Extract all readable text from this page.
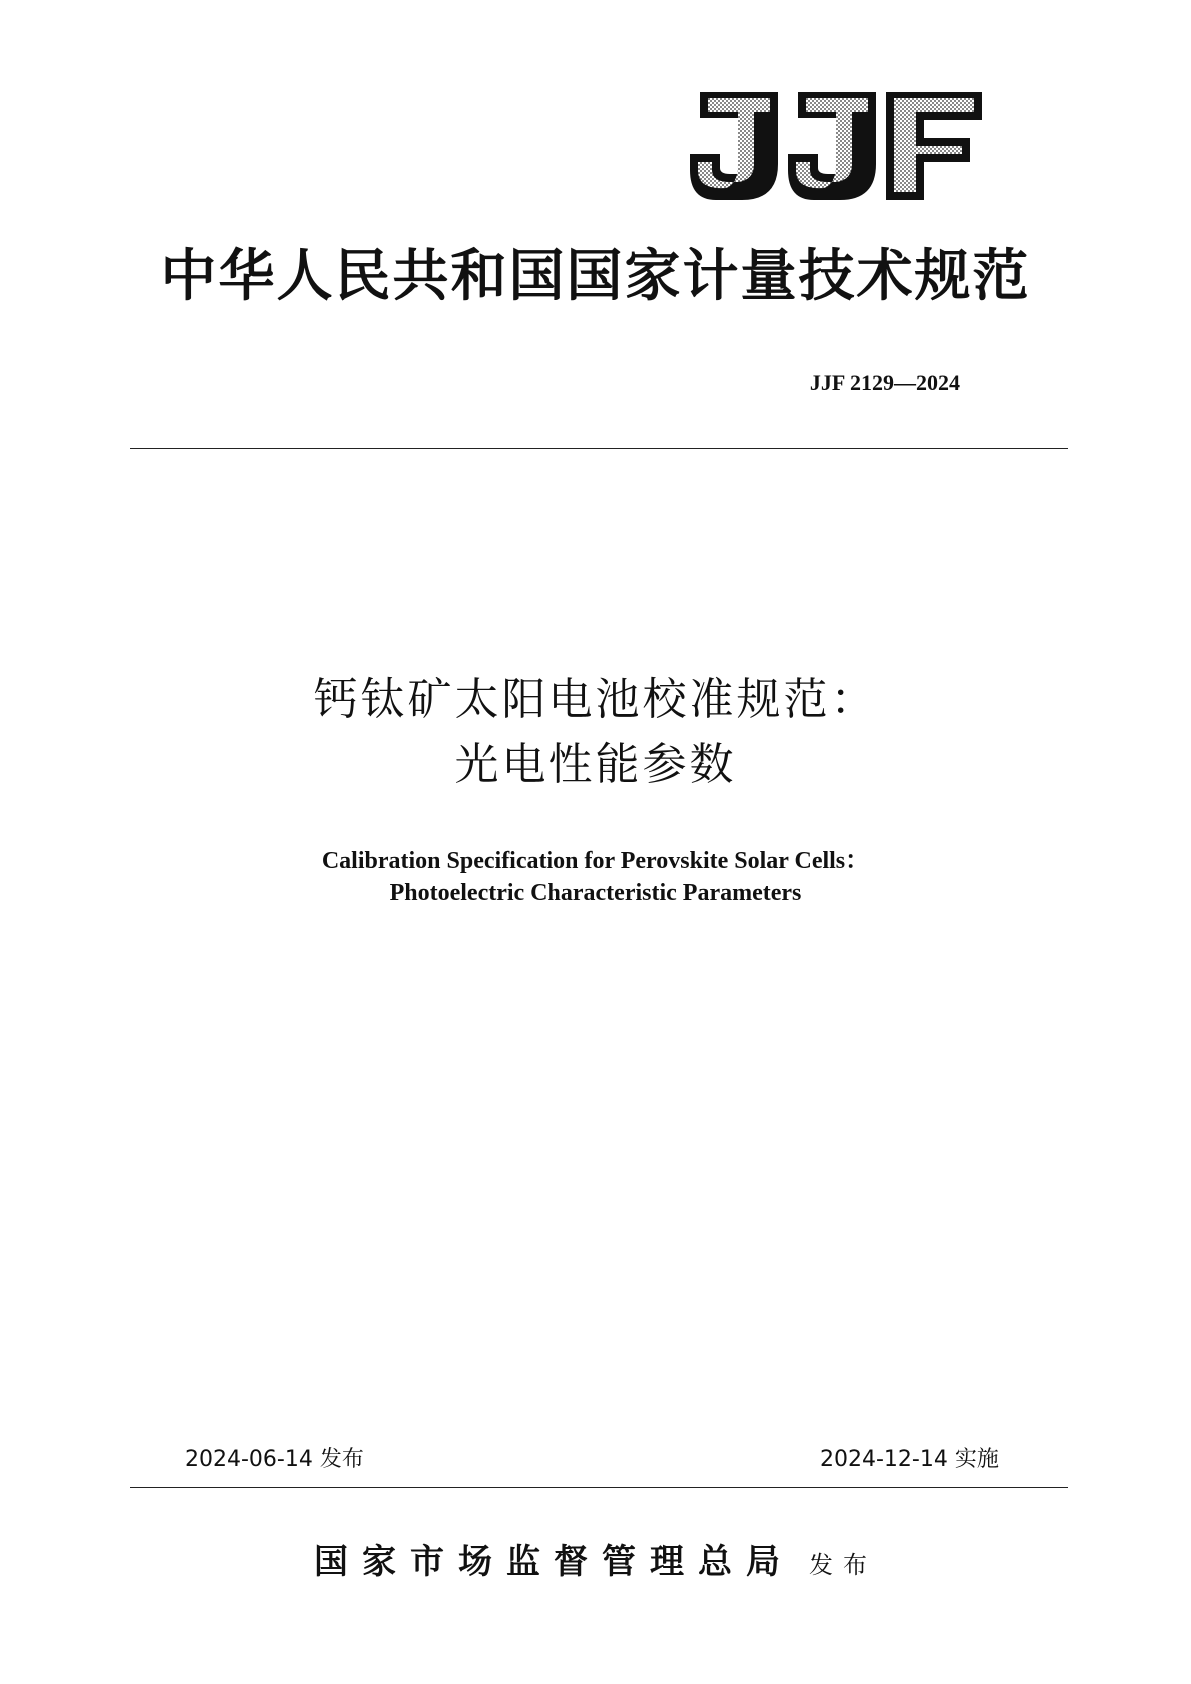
中华人民共和国国家计量技术规范
JJF 2129—2024
钙钛矿太阳电池校准规范：
光电性能参数
Calibration Specification for Perovskite Solar Cells：
Photoelectric Characteristic Parameters
2024-06-14 发布	2024-12-14 实施
国家市场监督管理总局 发布
